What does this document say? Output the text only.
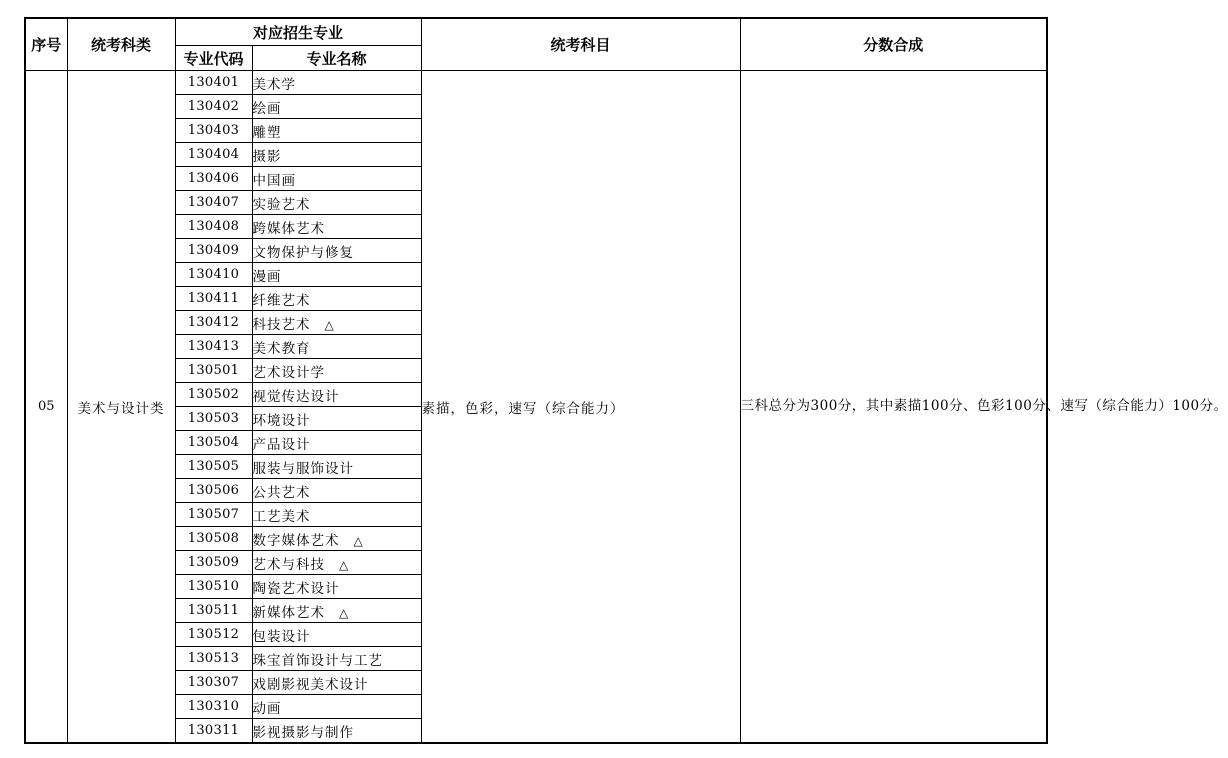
序号	统考科类	对应招生专业		统考科目	分数合成
		专业代码	专业名称		
05	美术与设计类	130401	美术学	素描，色彩，速写（综合能力）	三科总分为300分，其中素描100分、色彩100分、速写（综合能力）100分。
		130402	绘画		
		130403	雕塑		
		130404	摄影		
		130406	中国画		
		130407	实验艺术		
		130408	跨媒体艺术		
		130409	文物保护与修复		
		130410	漫画		
		130411	纤维艺术		
		130412	科技艺术 △		
		130413	美术教育		
		130501	艺术设计学		
		130502	视觉传达设计		
		130503	环境设计		
		130504	产品设计		
		130505	服装与服饰设计		
		130506	公共艺术		
		130507	工艺美术		
		130508	数字媒体艺术 △		
		130509	艺术与科技 △		
		130510	陶瓷艺术设计		
		130511	新媒体艺术 △		
		130512	包装设计		
		130513	珠宝首饰设计与工艺		
		130307	戏剧影视美术设计		
		130310	动画		
		130311	影视摄影与制作		
